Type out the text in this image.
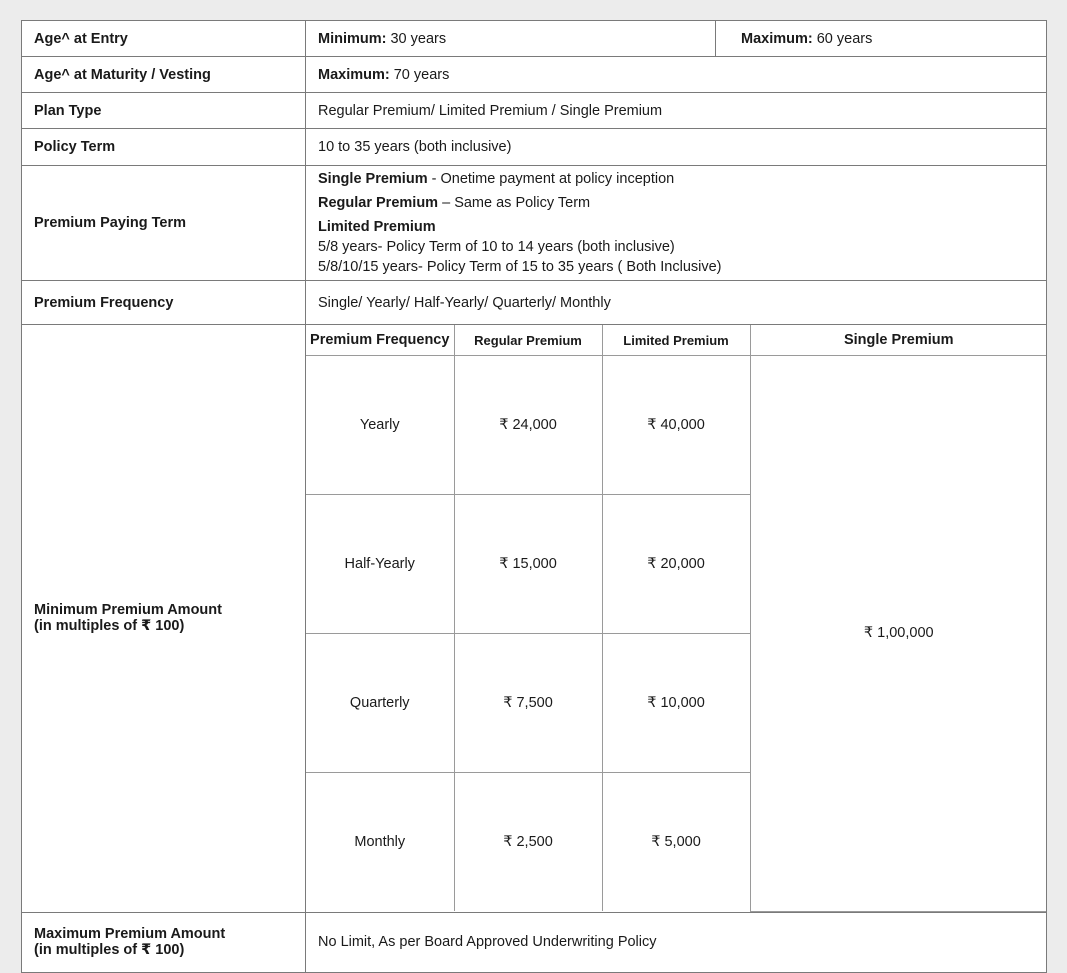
Age^ at Entry	Minimum: 30 years	Maximum: 60 years

Age^ at Maturity / Vesting	Maximum: 70 years
Plan Type	Regular Premium/ Limited Premium / Single Premium
Policy Term	10 to 35 years (both inclusive)
Premium Paying Term	
Single Premium - Onetime payment at policy inception
Regular Premium – Same as Policy Term
Limited Premium
5/8 years- Policy Term of 10 to 14 years (both inclusive)
5/8/10/15 years- Policy Term of 15 to 35 years ( Both Inclusive)

Premium Frequency	Single/ Yearly/ Half-Yearly/ Quarterly/ Monthly

Minimum Premium Amount
(in multiples of ₹ 100)

Premium Frequency	Regular Premium	Limited Premium	Single Premium
Yearly	₹ 24,000	₹ 40,000	₹ 1,00,000
Half-Yearly	₹ 15,000	₹ 20,000
Quarterly	₹ 7,500	₹ 10,000
Monthly	₹ 2,500	₹ 5,000

Maximum Premium Amount
(in multiples of ₹ 100)	No Limit, As per Board Approved Underwriting Policy
